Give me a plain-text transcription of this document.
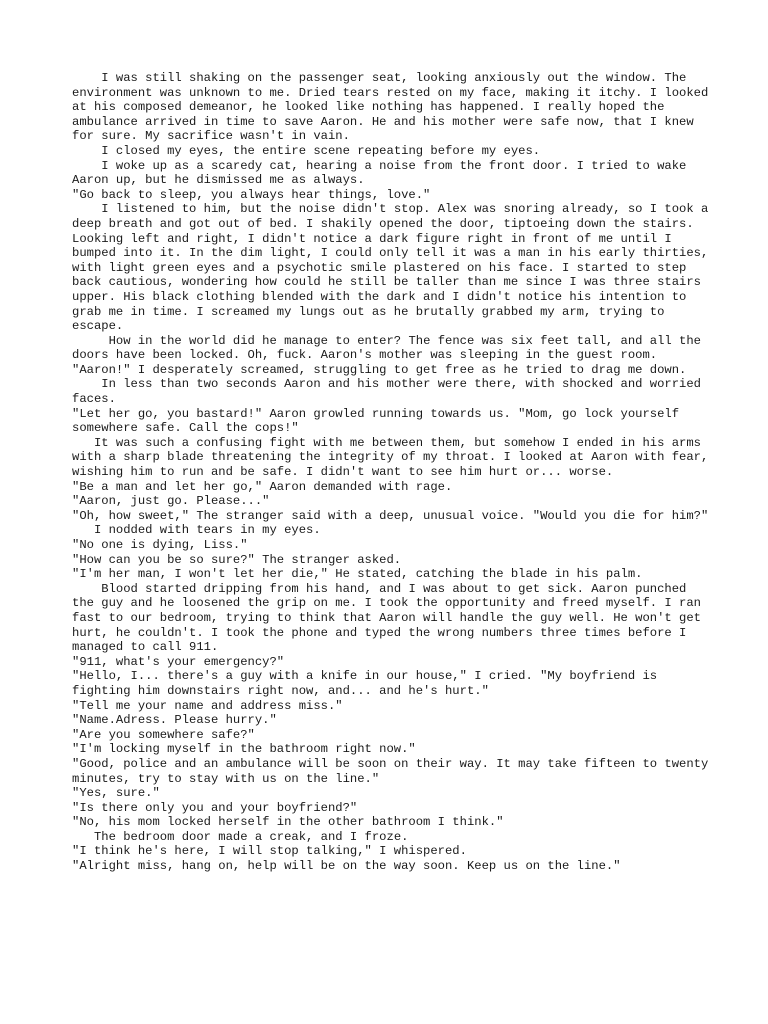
I was still shaking on the passenger seat, looking anxiously out the window. The environment was unknown to me. Dried tears rested on my face, making it itchy. I looked at his composed demeanor, he looked like nothing has happened. I really hoped the ambulance arrived in time to save Aaron. He and his mother were safe now, that I knew for sure. My sacrifice wasn't in vain.

I closed my eyes, the entire scene repeating before my eyes.

I woke up as a scaredy cat, hearing a noise from the front door. I tried to wake Aaron up, but he dismissed me as always.

"Go back to sleep, you always hear things, love."

I listened to him, but the noise didn't stop. Alex was snoring already, so I took a deep breath and got out of bed. I shakily opened the door, tiptoeing down the stairs. Looking left and right, I didn't notice a dark figure right in front of me until I bumped into it. In the dim light, I could only tell it was a man in his early thirties, with light green eyes and a psychotic smile plastered on his face. I started to step back cautious, wondering how could he still be taller than me since I was three stairs upper. His black clothing blended with the dark and I didn't notice his intention to grab me in time. I screamed my lungs out as he brutally grabbed my arm, trying to escape.

How in the world did he manage to enter? The fence was six feet tall, and all the doors have been locked. Oh, fuck. Aaron's mother was sleeping in the guest room.

"Aaron!" I desperately screamed, struggling to get free as he tried to drag me down.

In less than two seconds Aaron and his mother were there, with shocked and worried faces.

"Let her go, you bastard!" Aaron growled running towards us. "Mom, go lock yourself somewhere safe. Call the cops!"

It was such a confusing fight with me between them, but somehow I ended in his arms with a sharp blade threatening the integrity of my throat. I looked at Aaron with fear, wishing him to run and be safe. I didn't want to see him hurt or... worse.

"Be a man and let her go," Aaron demanded with rage.

"Aaron, just go. Please..."

"Oh, how sweet," The stranger said with a deep, unusual voice. "Would you die for him?"

I nodded with tears in my eyes.

"No one is dying, Liss."

"How can you be so sure?" The stranger asked.

"I'm her man, I won't let her die," He stated, catching the blade in his palm.

Blood started dripping from his hand, and I was about to get sick. Aaron punched the guy and he loosened the grip on me. I took the opportunity and freed myself. I ran fast to our bedroom, trying to think that Aaron will handle the guy well. He won't get hurt, he couldn't. I took the phone and typed the wrong numbers three times before I managed to call 911.

"911, what's your emergency?"

"Hello, I... there's a guy with a knife in our house," I cried. "My boyfriend is fighting him downstairs right now, and... and he's hurt."

"Tell me your name and address miss."

"Name.Adress. Please hurry."

"Are you somewhere safe?"

"I'm locking myself in the bathroom right now."

"Good, police and an ambulance will be soon on their way. It may take fifteen to twenty minutes, try to stay with us on the line."

"Yes, sure."

"Is there only you and your boyfriend?"

"No, his mom locked herself in the other bathroom I think."

The bedroom door made a creak, and I froze.

"I think he's here, I will stop talking," I whispered.

"Alright miss, hang on, help will be on the way soon. Keep us on the line."
